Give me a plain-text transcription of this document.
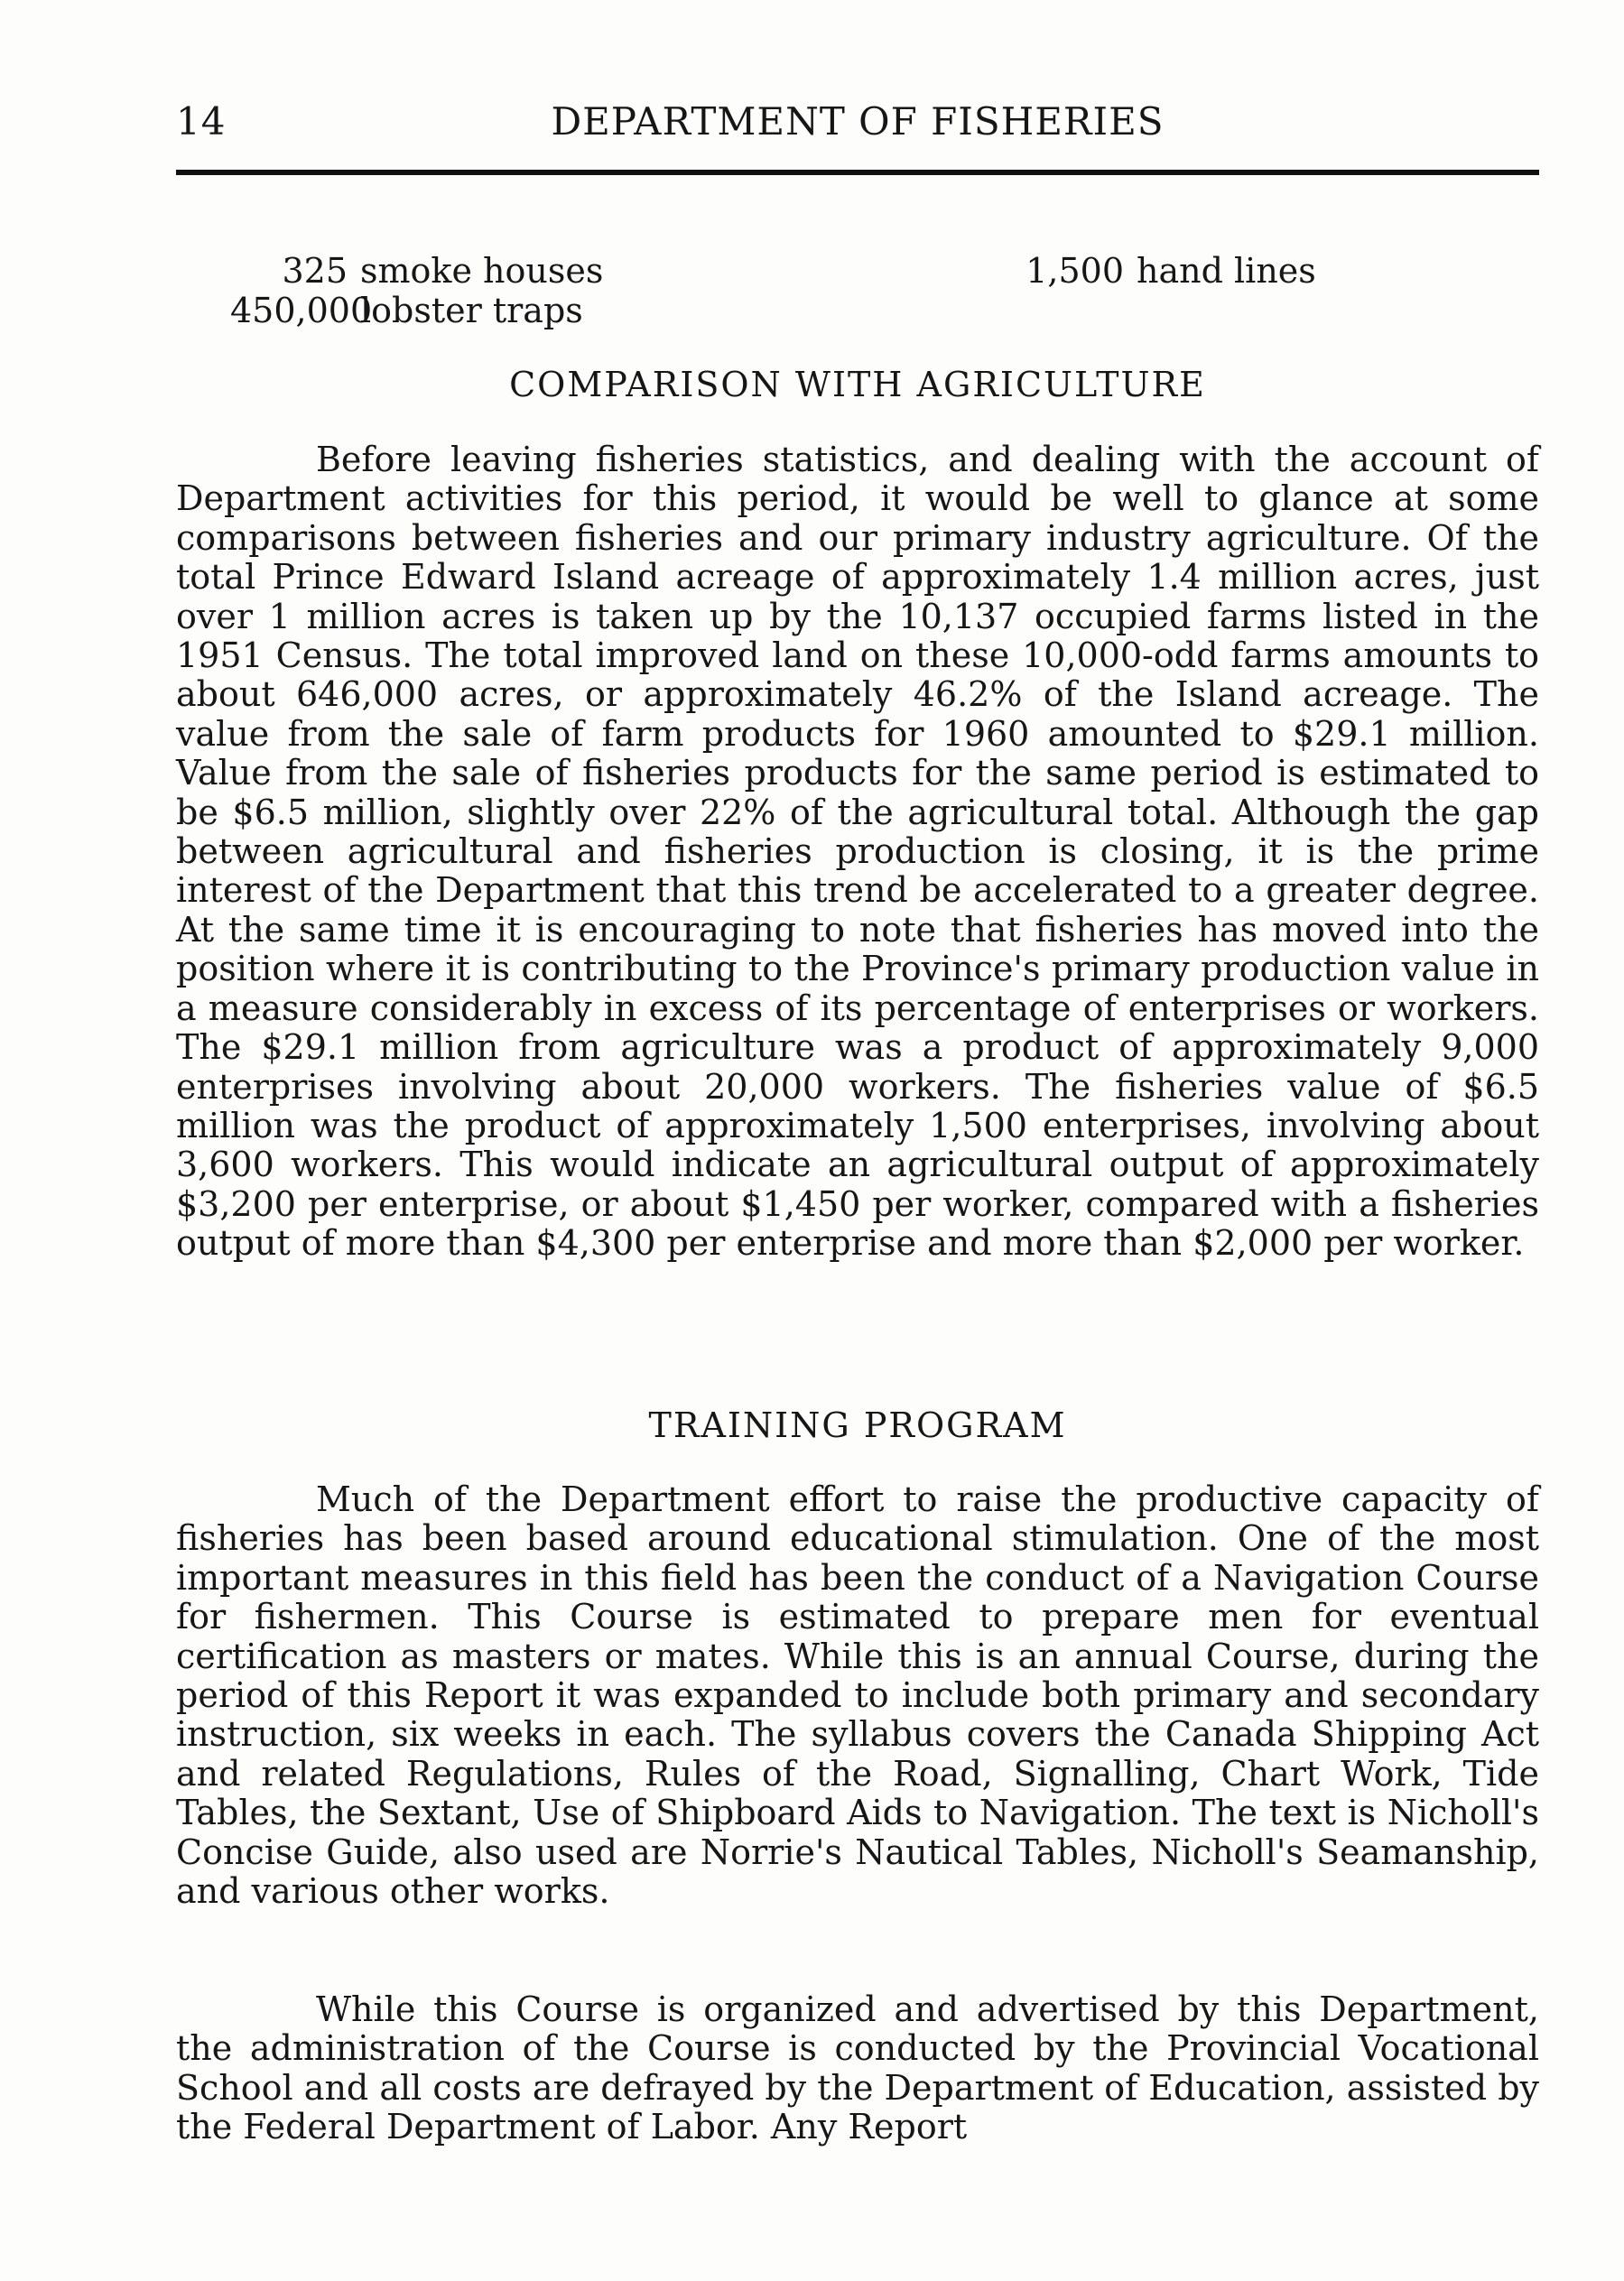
14	DEPARTMENT OF FISHERIES
325 smoke houses
450,000
lobster traps
1,500 hand lines
COMPARISON WITH AGRICULTURE

Before leaving fisheries statistics, and dealing with the account of Department activities for this period, it would be well to glance at some comparisons between fisheries and our primary industry agriculture. Of the total Prince Edward Island acreage of approximately 1.4 million acres, just over 1 million acres is taken up by the 10,137 occupied farms listed in the 1951 Census. The total improved land on these 10,000-odd farms amounts to about 646,000 acres, or approximately 46.2% of the Island acreage. The value from the sale of farm products for 1960 amounted to $29.1 million. Value from the sale of fisheries products for the same period is estimated to be $6.5 million, slightly over 22% of the agricultural total. Although the gap between agricultural and fisheries production is closing, it is the prime interest of the Department that this trend be accelerated to a greater degree. At the same time it is encouraging to note that fisheries has moved into the position where it is contributing to the Province's primary production value in a measure considerably in excess of its percentage of enterprises or workers. The $29.1 million from agriculture was a product of approximately 9,000 enterprises involving about 20,000 workers. The fisheries value of $6.5 million was the product of approximately 1,500 enterprises, involving about 3,600 workers. This would indicate an agricultural output of approximately $3,200 per enterprise, or about $1,450 per worker, compared with a fisheries output of more than $4,300 per enterprise and more than $2,000 per worker.

TRAINING PROGRAM

Much of the Department effort to raise the productive capacity of fisheries has been based around educational stimulation. One of the most important measures in this field has been the conduct of a Navigation Course for fishermen. This Course is estimated to prepare men for eventual certification as masters or mates. While this is an annual Course, during the period of this Report it was expanded to include both primary and secondary instruction, six weeks in each. The syllabus covers the Canada Shipping Act and related Regulations, Rules of the Road, Signalling, Chart Work, Tide Tables, the Sextant, Use of Shipboard Aids to Navigation. The text is Nicholl's Concise Guide, also used are Norrie's Nautical Tables, Nicholl's Seamanship, and various other works.

While this Course is organized and advertised by this Department, the administration of the Course is conducted by the Provincial Vocational School and all costs are defrayed by the Department of Education, assisted by the Federal Department of Labor. Any Report
